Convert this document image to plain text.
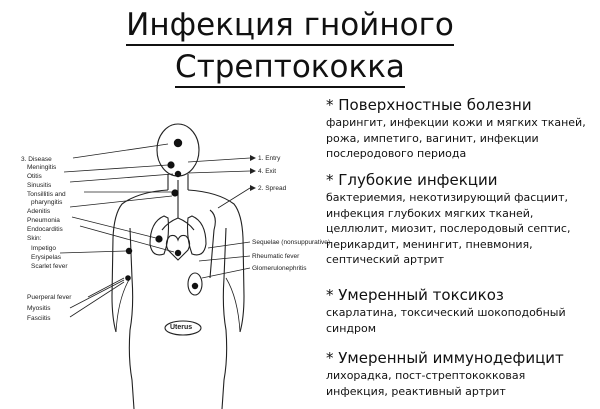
Инфекция гнойного
Стрептококка
3. Disease
Meningitis
Otitis
Sinusitis
Tonsillitis and
pharyngitis
Adenitis
Pneumonia
Endocarditis
Skin:
Impetigo
Erysipelas
Scarlet fever
Puerperal fever
Myositis
Fasciitis
1. Entry
4. Exit
2. Spread
Sequelae (nonsuppurative)
Rheumatic fever
Glomerulonephritis
Uterus
* Поверхностные болезни
фарингит, инфекции кожи и мягких тканей,
рожа, импетиго, вагинит, инфекции
послеродового периода
* Глубокие инфекции
бактериемия, некотизирующий фасциит,
инфекция глубоких мягких тканей,
целлюлит, миозит, послеродовый септис,
перикардит, менингит, пневмония,
септический артрит
* Умеренный токсикоз
скарлатина, токсический шокоподобный
синдром
* Умеренный иммунодефицит
лихорадка, пост-стрептококковая
инфекция, реактивный артрит
